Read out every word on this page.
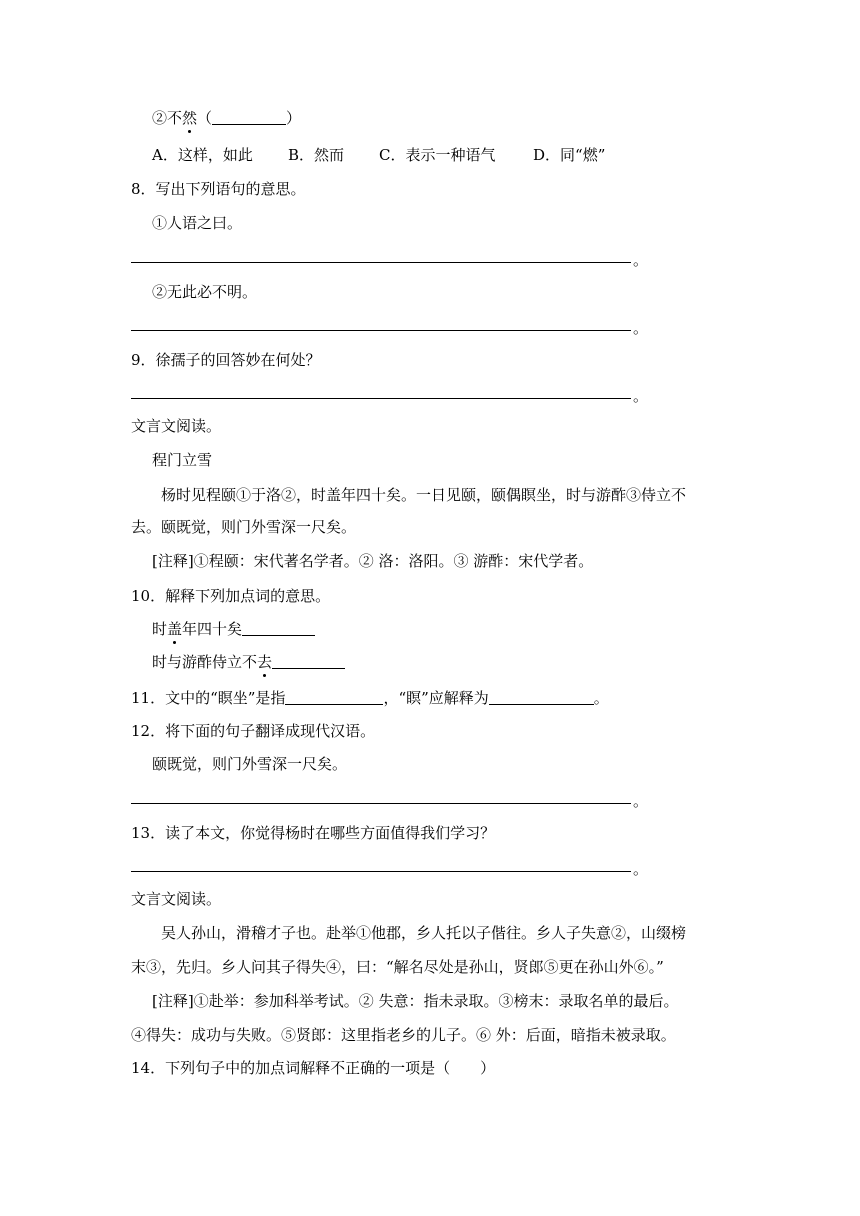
②不然（	）
A．这样，如此 B．然而 C．表示一种语气	D．同“燃”
8．写出下列语句的意思。
①人语之曰。
。
②无此必不明。
。
9．徐孺子的回答妙在何处？
。
文言文阅读。
程门立雪
杨时见程颐①于洛②，时盖年四十矣。一日见颐，颐偶瞑坐，时与游酢③侍立不
去。颐既觉，则门外雪深一尺矣。
[注释]①程颐：宋代著名学者。② 洛：洛阳。③ 游酢：宋代学者。
10．解释下列加点词的意思。
时盖年四十矣
时与游酢侍立不去
11．文中的“瞑坐”是指	，“瞑”应解释为	。
12．将下面的句子翻译成现代汉语。
颐既觉，则门外雪深一尺矣。
。
13．读了本文，你觉得杨时在哪些方面值得我们学习？
。
文言文阅读。
吴人孙山，滑稽才子也。赴举①他郡，乡人托以子偕往。乡人子失意②，山缀榜
末③，先归。乡人问其子得失④，曰：“解名尽处是孙山，贤郎⑤更在孙山外⑥。”
[注释]①赴举：参加科举考试。② 失意：指未录取。③榜末：录取名单的最后。
④得失：成功与失败。⑤贤郎：这里指老乡的儿子。⑥ 外：后面，暗指未被录取。
14．下列句子中的加点词解释不正确的一项是（　　）
